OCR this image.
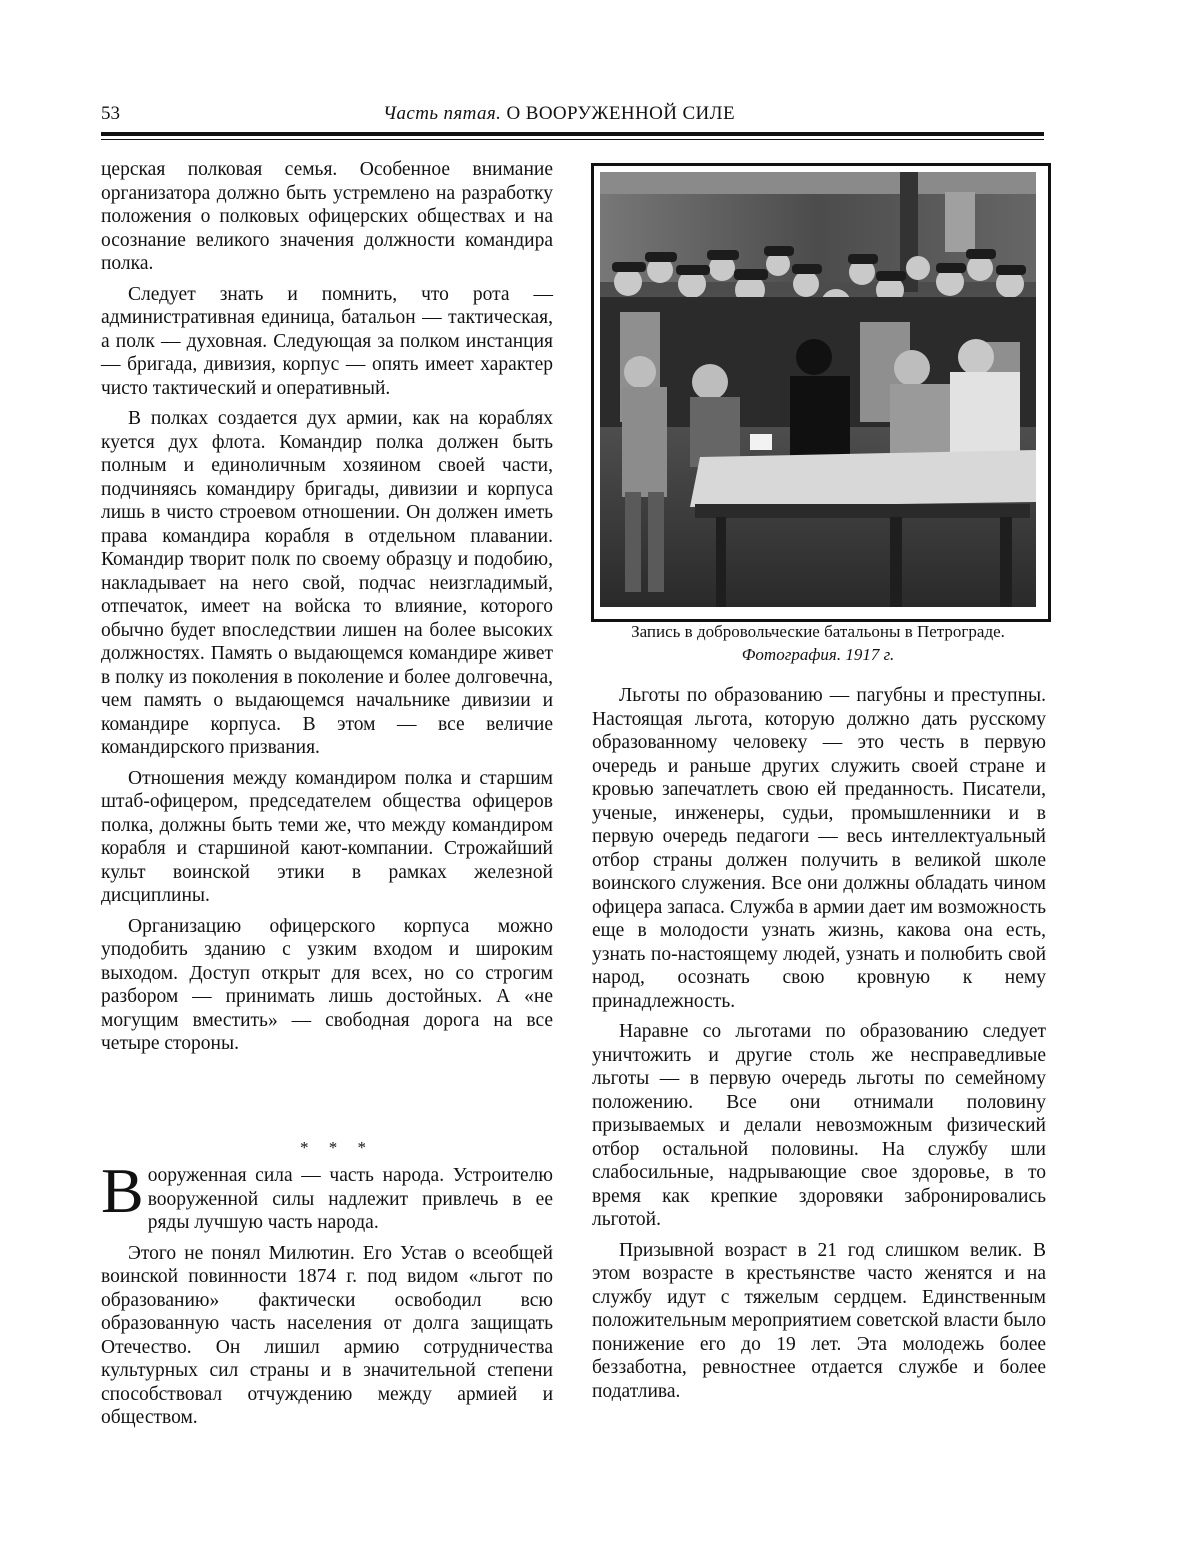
53	Часть пятая. О ВООРУЖЕННОЙ СИЛЕ

церская полковая семья. Особенное внимание организатора должно быть устремлено на разработку положения о полковых офицерских обществах и на осознание великого значения должности командира полка.

Следует знать и помнить, что рота — административная единица, батальон — тактическая, а полк — духовная. Следующая за полком инстанция — бригада, дивизия, корпус — опять имеет характер чисто тактический и оперативный.

В полках создается дух армии, как на кораблях куется дух флота. Командир полка должен быть полным и единоличным хозяином своей части, подчиняясь командиру бригады, дивизии и корпуса лишь в чисто строевом отношении. Он должен иметь права командира корабля в отдельном плавании. Командир творит полк по своему образцу и подобию, накладывает на него свой, подчас неизгладимый, отпечаток, имеет на войска то влияние, которого обычно будет впоследствии лишен на более высоких должностях. Память о выдающемся командире живет в полку из поколения в поколение и более долговечна, чем память о выдающемся начальнике дивизии и командире корпуса. В этом — все величие командирского призвания.

Отношения между командиром полка и старшим штаб-офицером, председателем общества офицеров полка, должны быть теми же, что между командиром корабля и старшиной кают-компании. Строжайший культ воинской этики в рамках железной дисциплины.

Организацию офицерского корпуса можно уподобить зданию с узким входом и широким выходом. Доступ открыт для всех, но со строгим разбором — принимать лишь достойных. А «не могущим вместить» — свободная дорога на все четыре стороны.

* * *

Вооруженная сила — часть народа. Устроителю вооруженной силы надлежит привлечь в ее ряды лучшую часть народа.

Этого не понял Милютин. Его Устав о всеобщей воинской повинности 1874 г. под видом «льгот по образованию» фактически освободил всю образованную часть населения от долга защищать Отечество. Он лишил армию сотрудничества культурных сил страны и в значительной степени способствовал отчуждению между армией и обществом.

Запись в добровольческие батальоны в Петрограде.
Фотография. 1917 г.

Льготы по образованию — пагубны и преступны. Настоящая льгота, которую должно дать русскому образованному человеку — это честь в первую очередь и раньше других служить своей стране и кровью запечатлеть свою ей преданность. Писатели, ученые, инженеры, судьи, промышленники и в первую очередь педагоги — весь интеллектуальный отбор страны должен получить в великой школе воинского служения. Все они должны обладать чином офицера запаса. Служба в армии дает им возможность еще в молодости узнать жизнь, какова она есть, узнать по-настоящему людей, узнать и полюбить свой народ, осознать свою кровную к нему принадлежность.

Наравне со льготами по образованию следует уничтожить и другие столь же несправедливые льготы — в первую очередь льготы по семейному положению. Все они отнимали половину призываемых и делали невозможным физический отбор остальной половины. На службу шли слабосильные, надрывающие свое здоровье, в то время как крепкие здоровяки забронировались льготой.

Призывной возраст в 21 год слишком велик. В этом возрасте в крестьянстве часто женятся и на службу идут с тяжелым сердцем. Единственным положительным мероприятием советской власти было понижение его до 19 лет. Эта молодежь более беззаботна, ревностнее отдается службе и более податлива.
